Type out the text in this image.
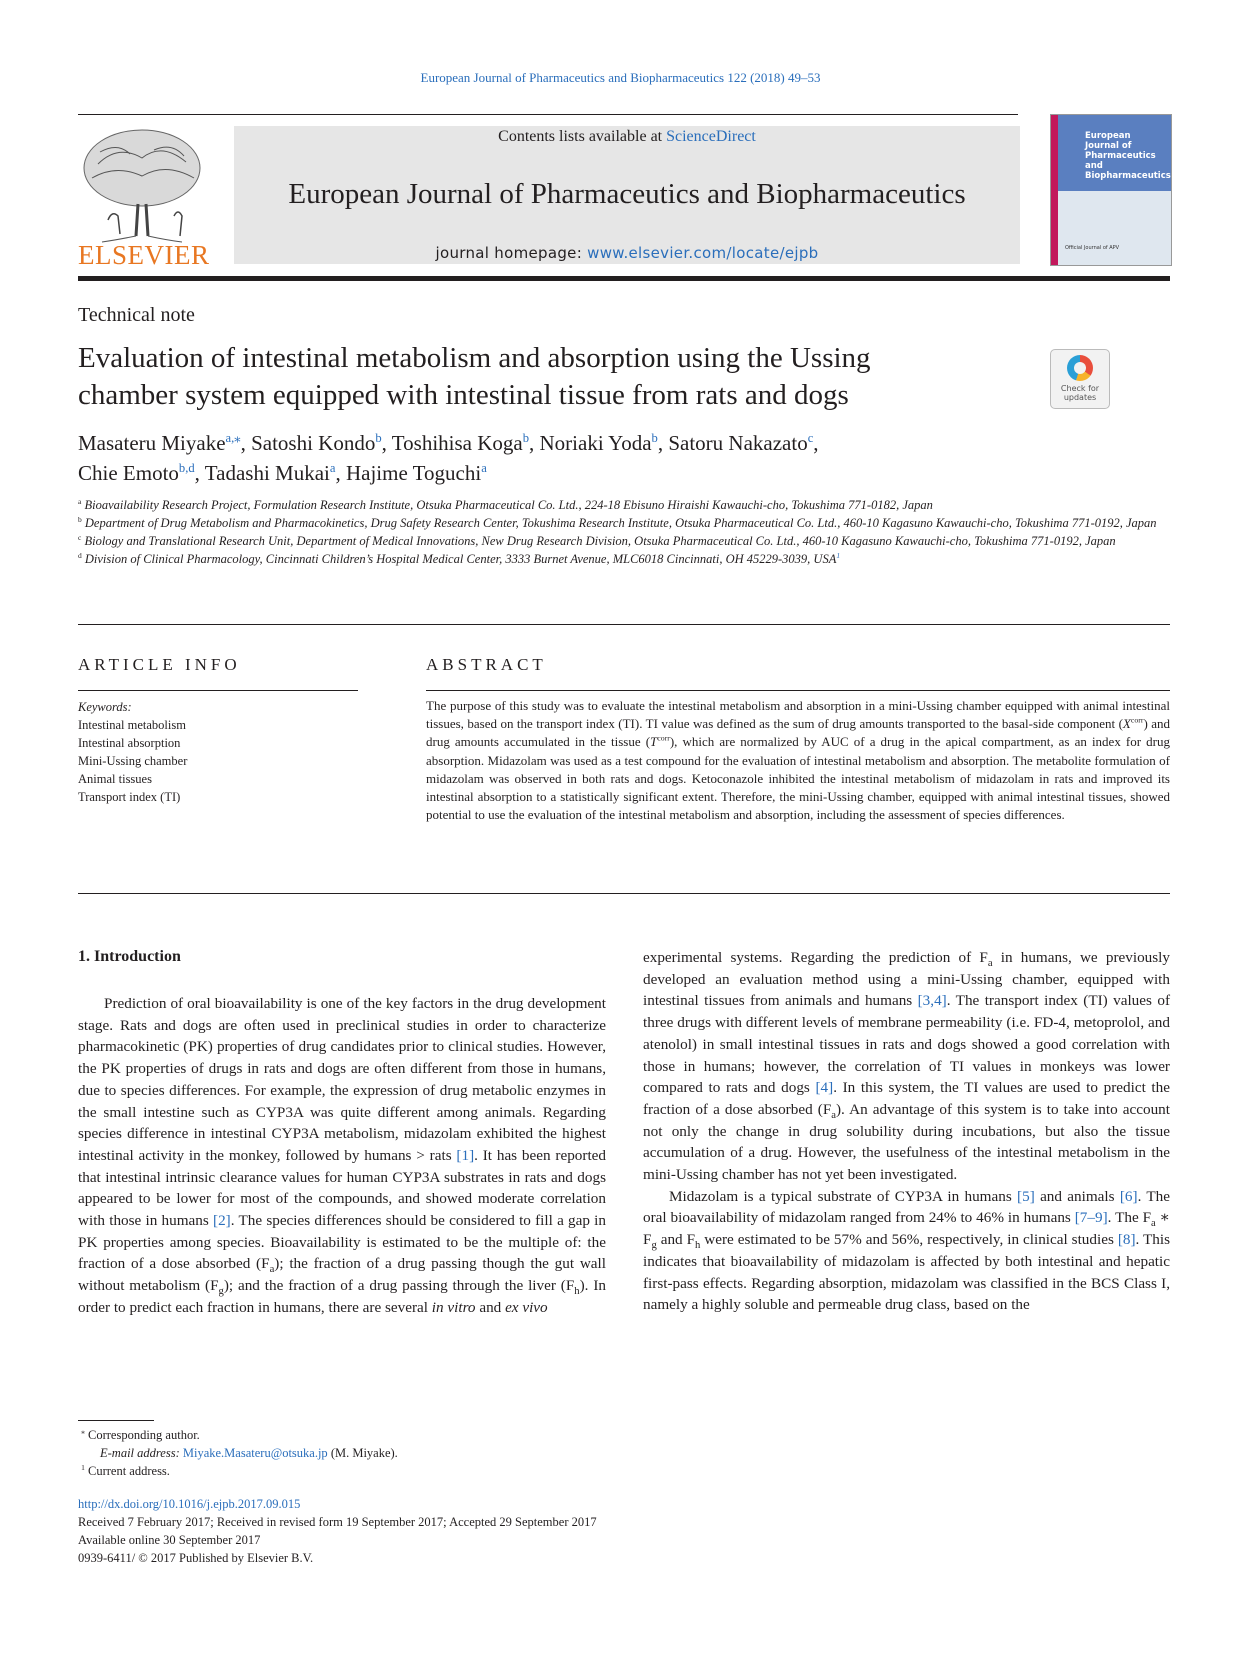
European Journal of Pharmaceutics and Biopharmaceutics 122 (2018) 49–53
ELSEVIER
Contents lists available at ScienceDirect
European Journal of Pharmaceutics and Biopharmaceutics
journal homepage: www.elsevier.com/locate/ejpb
European
Journal of
Pharmaceutics and
Biopharmaceutics
Official Journal of APV
Technical note
Evaluation of intestinal metabolism and absorption using the Ussing
chamber system equipped with intestinal tissue from rats and dogs	Check for
updates
Masateru Miyake$^{a,⁎}$, Satoshi Kondo$^b$, Toshihisa Koga$^b$, Noriaki Yoda$^b$, Satoru Nakazato$^c$,
Chie Emoto$^{b,d}$, Tadashi Mukai$^a$, Hajime Toguchi$^a$
$^a$ Bioavailability Research Project, Formulation Research Institute, Otsuka Pharmaceutical Co. Ltd., 224-18 Ebisuno Hiraishi Kawauchi-cho, Tokushima 771-0182, Japan
$^b$ Department of Drug Metabolism and Pharmacokinetics, Drug Safety Research Center, Tokushima Research Institute, Otsuka Pharmaceutical Co. Ltd., 460-10 Kagasuno Kawauchi-cho, Tokushima 771-0192, Japan
$^c$ Biology and Translational Research Unit, Department of Medical Innovations, New Drug Research Division, Otsuka Pharmaceutical Co. Ltd., 460-10 Kagasuno Kawauchi-cho, Tokushima 771-0192, Japan
$^d$ Division of Clinical Pharmacology, Cincinnati Children’s Hospital Medical Center, 3333 Burnet Avenue, MLC6018 Cincinnati, OH 45229-3039, USA$^1$
ARTICLE INFO	ABSTRACT
Keywords:
Intestinal metabolism
Intestinal absorption
Mini-Ussing chamber
Animal tissues
Transport index (TI)
The purpose of this study was to evaluate the intestinal metabolism and absorption in a mini-Ussing chamber equipped with animal intestinal tissues, based on the transport index (TI). TI value was defined as the sum of drug amounts transported to the basal-side component $(X^{corr})$ and drug amounts accumulated in the tissue $(T^{corr})$, which are normalized by AUC of a drug in the apical compartment, as an index for drug absorption. Midazolam was used as a test compound for the evaluation of intestinal metabolism and absorption. The metabolite formulation of midazolam was observed in both rats and dogs. Ketoconazole inhibited the intestinal metabolism of midazolam in rats and improved its intestinal absorption to a statistically significant extent. Therefore, the mini-Ussing chamber, equipped with animal intestinal tissues, showed potential to use the evaluation of the intestinal metabolism and absorption, including the assessment of species differences.
1. Introduction

Prediction of oral bioavailability is one of the key factors in the drug development stage. Rats and dogs are often used in preclinical studies in order to characterize pharmacokinetic (PK) properties of drug candidates prior to clinical studies. However, the PK properties of drugs in rats and dogs are often different from those in humans, due to species differences. For example, the expression of drug metabolic enzymes in the small intestine such as CYP3A was quite different among animals. Regarding species difference in intestinal CYP3A metabolism, midazolam exhibited the highest intestinal activity in the monkey, followed by humans > rats [1]. It has been reported that intestinal intrinsic clearance values for human CYP3A substrates in rats and dogs appeared to be lower for most of the compounds, and showed moderate correlation with those in humans [2]. The species differences should be considered to fill a gap in PK properties among species. Bioavailability is estimated to be the multiple of: the fraction of a dose absorbed $(F_a)$; the fraction of a drug passing though the gut wall without metabolism $(F_g)$; and the fraction of a drug passing through the liver $(F_h)$. In order to predict each fraction in humans, there are several in vitro and ex vivo

experimental systems. Regarding the prediction of $F_a$ in humans, we previously developed an evaluation method using a mini-Ussing chamber, equipped with intestinal tissues from animals and humans [3,4]. The transport index (TI) values of three drugs with different levels of membrane permeability (i.e. FD-4, metoprolol, and atenolol) in small intestinal tissues in rats and dogs showed a good correlation with those in humans; however, the correlation of TI values in monkeys was lower compared to rats and dogs [4]. In this system, the TI values are used to predict the fraction of a dose absorbed $(F_a)$. An advantage of this system is to take into account not only the change in drug solubility during incubations, but also the tissue accumulation of a drug. However, the usefulness of the intestinal metabolism in the mini-Ussing chamber has not yet been investigated.

Midazolam is a typical substrate of CYP3A in humans [5] and animals [6]. The oral bioavailability of midazolam ranged from 24% to 46% in humans [7–9]. The $F_a$ ∗ $F_g$ and $F_h$ were estimated to be 57% and 56%, respectively, in clinical studies [8]. This indicates that bioavailability of midazolam is affected by both intestinal and hepatic first-pass effects. Regarding absorption, midazolam was classified in the BCS Class I, namely a highly soluble and permeable drug class, based on the

⁎ Corresponding author.
E-mail address: Miyake.Masateru@otsuka.jp (M. Miyake).
$^1$ Current address.
http://dx.doi.org/10.1016/j.ejpb.2017.09.015
Received 7 February 2017; Received in revised form 19 September 2017; Accepted 29 September 2017
Available online 30 September 2017
0939-6411/ © 2017 Published by Elsevier B.V.
